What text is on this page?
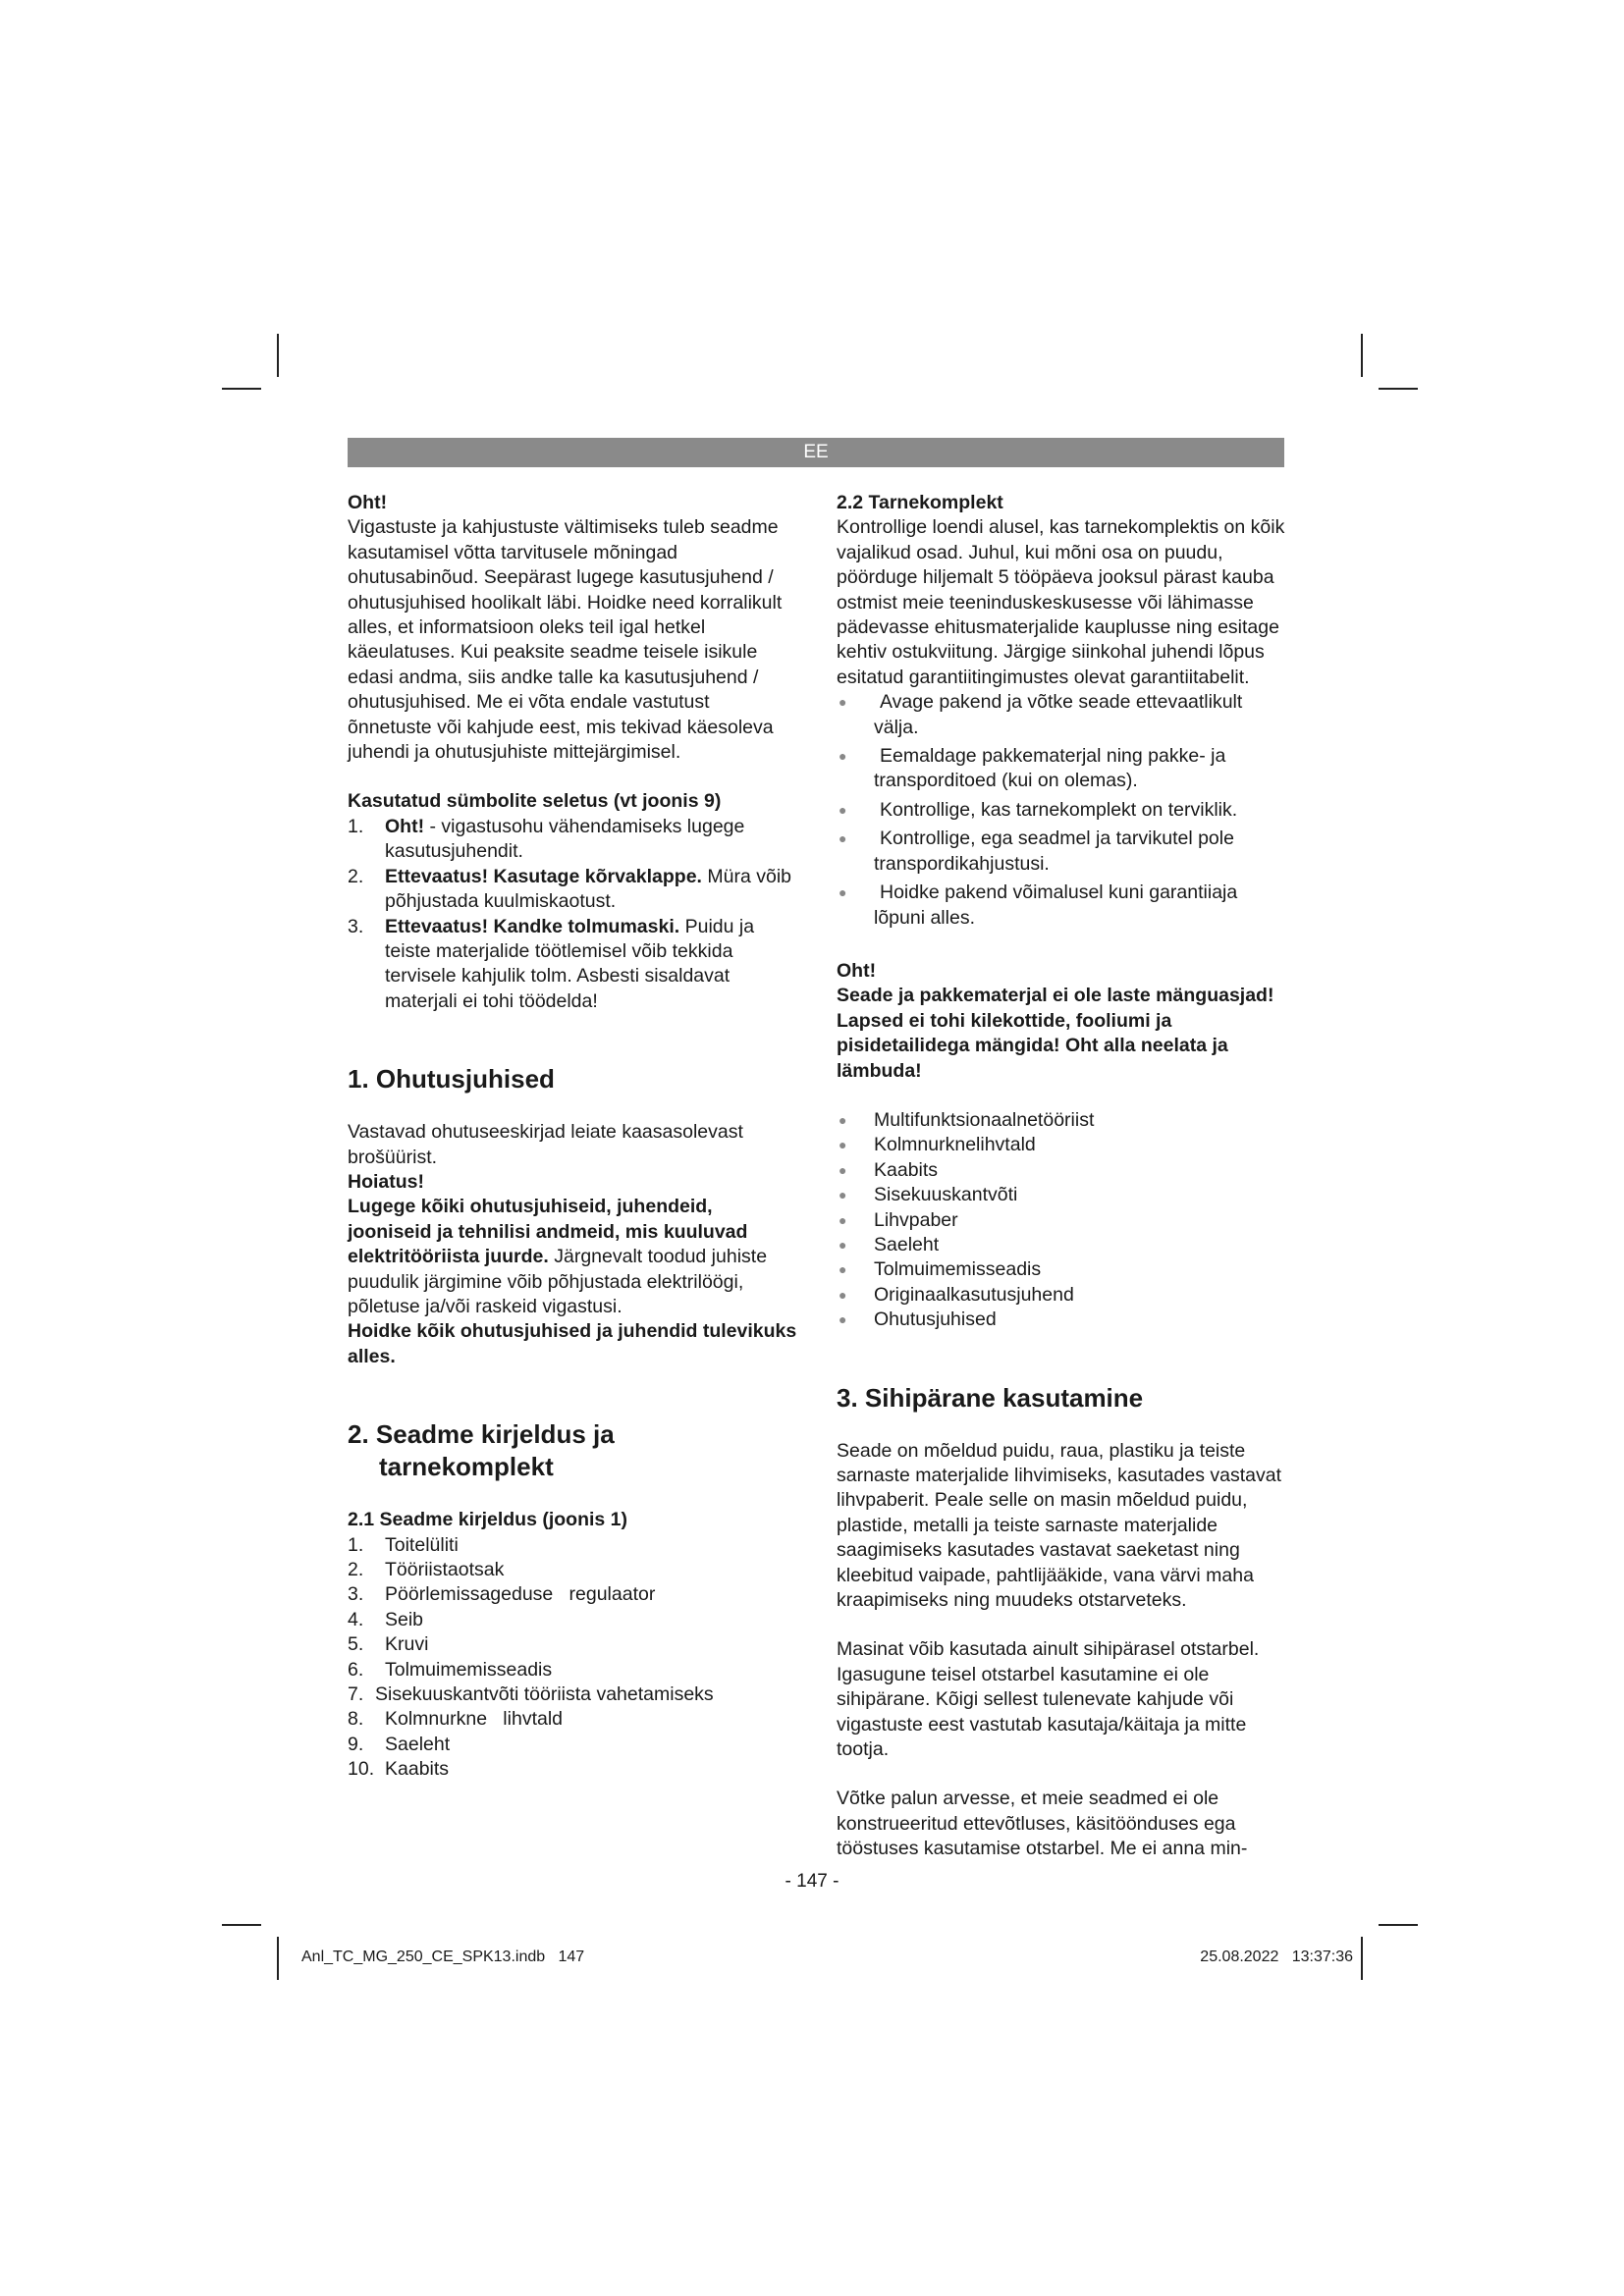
EE

Oht!

Vigastuste ja kahjustuste vältimiseks tuleb seadme kasutamisel võtta tarvitusele mõningad ohutusabinõud. Seepärast lugege kasutusjuhend / ohutusjuhised hoolikalt läbi. Hoidke need korralikult alles, et informatsioon oleks teil igal hetkel käeulatuses. Kui peaksite seadme teisele isikule edasi andma, siis andke talle ka kasutusjuhend / ohutusjuhised. Me ei võta endale vastutust õnnetuste või kahjude eest, mis tekivad käesoleva juhendi ja ohutusjuhiste mittejärgimisel.

Kasutatud sümbolite seletus (vt joonis 9)

1. Oht! - vigastusohu vähendamiseks lugege kasutusjuhendit.
2. Ettevaatus! Kasutage kõrvaklappe. Müra võib põhjustada kuulmiskaotust.
3. Ettevaatus! Kandke tolmumaski. Puidu ja teiste materjalide töötlemisel võib tekkida tervisele kahjulik tolm. Asbesti sisaldavat materjali ei tohi töödelda!
1. Ohutusjuhised

Vastavad ohutuseeskirjad leiate kaasasolevast brošüürist.

Hoiatus!

Lugege kõiki ohutusjuhiseid, juhendeid, jooniseid ja tehnilisi andmeid, mis kuuluvad elektritööriista juurde. Järgnevalt toodud juhiste puudulik järgimine võib põhjustada elektrilöögi, põletuse ja/või raskeid vigastusi.

Hoidke kõik ohutusjuhised ja juhendid tulevikuks alles.

2. Seadme kirjeldus ja
tarnekomplekt

2.1 Seadme kirjeldus (joonis 1)

1. Toitelüliti
2. Tööriistaotsak
3. Pöörlemissageduse   regulaator
4. Seib
5. Kruvi
6. Tolmuimemisseadis
7. Sisekuuskantvõti tööriista vahetamiseks
8. Kolmnurkne   lihvtald
9. Saeleht
10. Kaabits

2.2 Tarnekomplekt

Kontrollige loendi alusel, kas tarnekomplektis on kõik vajalikud osad. Juhul, kui mõni osa on puudu, pöörduge hiljemalt 5 tööpäeva jooksul pärast kauba ostmist meie teeninduskeskusesse või lähimasse pädevasse ehitusmaterjalide kauplusse ning esitage kehtiv ostukviitung. Järgige siinkohal juhendi lõpus esitatud garantiitingimustes olevat garantiitabelit.

● Avage pakend ja võtke seade ettevaatlikult välja.
● Eemaldage pakkematerjal ning pakke- ja transporditoed (kui on olemas).
● Kontrollige, kas tarnekomplekt on terviklik.
● Kontrollige, ega seadmel ja tarvikutel pole transpordikahjustusi.
● Hoidke pakend võimalusel kuni garantiiaja lõpuni alles.

Oht!

Seade ja pakkematerjal ei ole laste mänguasjad! Lapsed ei tohi kilekottide, fooliumi ja pisidetailidega mängida! Oht alla neelata ja lämbuda!

● Multifunktsionaalnetööriist
● Kolmnurknelihvtald
● Kaabits
● Sisekuuskantvõti
● Lihvpaber
● Saeleht
● Tolmuimemisseadis
● Originaalkasutusjuhend
● Ohutusjuhised
3. Sihipärane kasutamine

Seade on mõeldud puidu, raua, plastiku ja teiste sarnaste materjalide lihvimiseks, kasutades vastavat lihvpaberit. Peale selle on masin mõeldud puidu, plastide, metalli ja teiste sarnaste materjalide saagimiseks kasutades vastavat saeketast ning kleebitud vaipade, pahtlijääkide, vana värvi maha kraapimiseks ning muudeks otstarveteks.

Masinat võib kasutada ainult sihipärasel otstarbel. Igasugune teisel otstarbel kasutamine ei ole sihipärane. Kõigi sellest tulenevate kahjude või vigastuste eest vastutab kasutaja/käitaja ja mitte tootja.

Võtke palun arvesse, et meie seadmed ei ole konstrueeritud ettevõtluses, käsitöönduses ega tööstuses kasutamise otstarbel. Me ei anna min-

- 147 -
Anl_TC_MG_250_CE_SPK13.indb   147	25.08.2022   13:37:36
